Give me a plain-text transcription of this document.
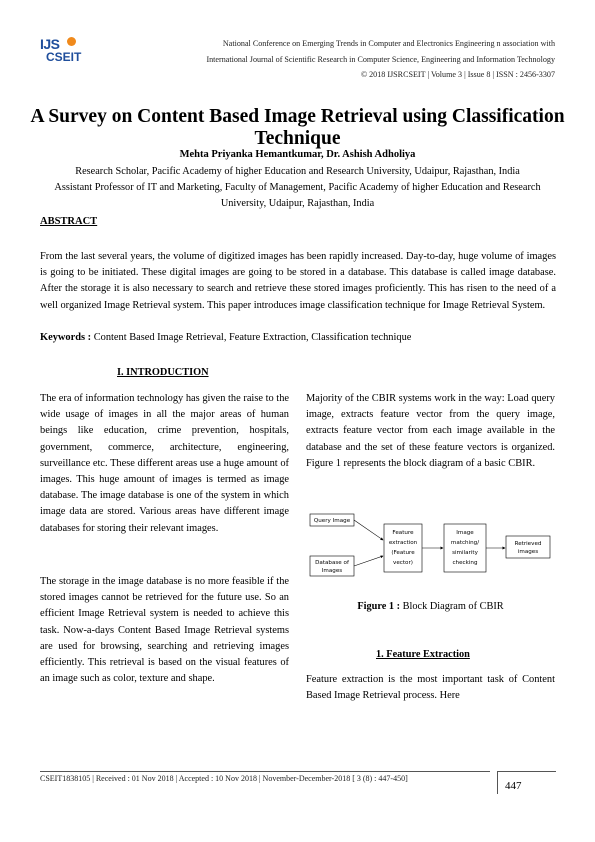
IJS
CSEIT
National Conference on Emerging Trends in Computer and Electronics Engineering n association with
International Journal of Scientific Research in Computer Science, Engineering and Information Technology
© 2018 IJSRCSEIT | Volume 3 | Issue 8 | ISSN : 2456-3307
A Survey on Content Based Image Retrieval using Classification
Technique
Mehta Priyanka Hemantkumar, Dr. Ashish Adholiya
Research Scholar, Pacific Academy of higher Education and Research University, Udaipur, Rajasthan, India
Assistant Professor of IT and Marketing, Faculty of Management, Pacific Academy of higher Education and Research
University, Udaipur, Rajasthan, India
ABSTRACT
From the last several years, the volume of digitized images has been rapidly increased. Day-to-day, huge volume of images is going to be initiated. These digital images are going to be stored in a database. This database is called image database. After the storage it is also necessary to search and retrieve these stored images proficiently. This has risen to the need of a well organized Image Retrieval system. This paper introduces image classification technique for Image Retrieval System.
Keywords : Content Based Image Retrieval, Feature Extraction, Classification technique
I. INTRODUCTION
The era of information technology has given the raise to the wide usage of images in all the major areas of human beings like education, crime prevention, hospitals, government, commerce, architecture, engineering, surveillance etc. These different areas use a huge amount of images. This huge amount of images is termed as image database. The image database is one of the system in which image data are stored. Various areas have different image databases for storing their relevant images.
The storage in the image database is no more feasible if the stored images cannot be retrieved for the future use. So an efficient Image Retrieval system is needed to achieve this task. Now-a-days Content Based Image Retrieval systems are used for browsing, searching and retrieving images efficiently. This retrieval is based on the visual features of an image such as color, texture and shape.
Majority of the CBIR systems work in the way: Load query image, extracts feature vector from the query image, extracts feature vector from each image available in the database and the set of these feature vectors is organized. Figure 1 represents the block diagram of a basic CBIR.
Query Image
Database of
Images
Feature
extraction
(Feature
vector)
Image
matching/
similarity
checking
Retrieved
images
Figure 1 : Block Diagram of CBIR
1. Feature Extraction
Feature extraction is the most important task of Content Based Image Retrieval process. Here
CSEIT1838105 | Received : 01 Nov 2018 | Accepted : 10 Nov 2018 | November-December-2018 [ 3 (8) : 447-450]
447
